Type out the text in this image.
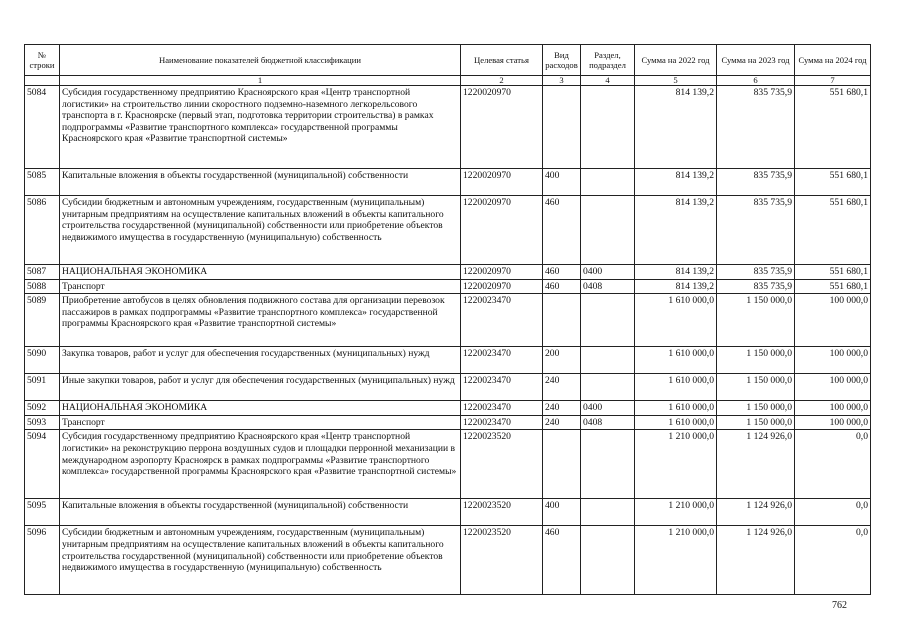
№ строки	Наименование показателей бюджетной классификации	Целевая статья	Вид расходов	Раздел, подраздел	Сумма на 2022 год	Сумма на 2023 год	Сумма на 2024 год
	1	2	3	4	5	6	7
5084	Субсидия государственному предприятию Красноярского края «Центр транспортной логистики» на строительство линии скоростного подземно-наземного легкорельсового транспорта в г. Красноярске (первый этап, подготовка территории строительства) в рамках подпрограммы «Развитие транспортного комплекса» государственной программы Красноярского края «Развитие транспортной системы»	1220020970			814 139,2	835 735,9	551 680,1
5085	Капитальные вложения в объекты государственной (муниципальной) собственности	1220020970	400		814 139,2	835 735,9	551 680,1
5086	Субсидии бюджетным и автономным учреждениям, государственным (муниципальным) унитарным предприятиям на осуществление капитальных вложений в объекты капитального строительства государственной (муниципальной) собственности или приобретение объектов недвижимого имущества в государственную (муниципальную) собственность	1220020970	460		814 139,2	835 735,9	551 680,1
5087	НАЦИОНАЛЬНАЯ ЭКОНОМИКА	1220020970	460	0400	814 139,2	835 735,9	551 680,1
5088	Транспорт	1220020970	460	0408	814 139,2	835 735,9	551 680,1
5089	Приобретение автобусов в целях обновления подвижного состава для организации перевозок пассажиров в рамках подпрограммы «Развитие транспортного комплекса» государственной программы Красноярского края «Развитие транспортной системы»	1220023470			1 610 000,0	1 150 000,0	100 000,0
5090	Закупка товаров, работ и услуг для обеспечения государственных (муниципальных) нужд	1220023470	200		1 610 000,0	1 150 000,0	100 000,0
5091	Иные закупки товаров, работ и услуг для обеспечения государственных (муниципальных) нужд	1220023470	240		1 610 000,0	1 150 000,0	100 000,0
5092	НАЦИОНАЛЬНАЯ ЭКОНОМИКА	1220023470	240	0400	1 610 000,0	1 150 000,0	100 000,0
5093	Транспорт	1220023470	240	0408	1 610 000,0	1 150 000,0	100 000,0
5094	Субсидия государственному предприятию Красноярского края «Центр транспортной логистики» на реконструкцию перрона воздушных судов и площадки перронной механизации в международном аэропорту Красноярск в рамках подпрограммы «Развитие транспортного комплекса» государственной программы Красноярского края «Развитие транспортной системы»	1220023520			1 210 000,0	1 124 926,0	0,0
5095	Капитальные вложения в объекты государственной (муниципальной) собственности	1220023520	400		1 210 000,0	1 124 926,0	0,0
5096	Субсидии бюджетным и автономным учреждениям, государственным (муниципальным) унитарным предприятиям на осуществление капитальных вложений в объекты капитального строительства государственной (муниципальной) собственности или приобретение объектов недвижимого имущества в государственную (муниципальную) собственность	1220023520	460		1 210 000,0	1 124 926,0	0,0
762
